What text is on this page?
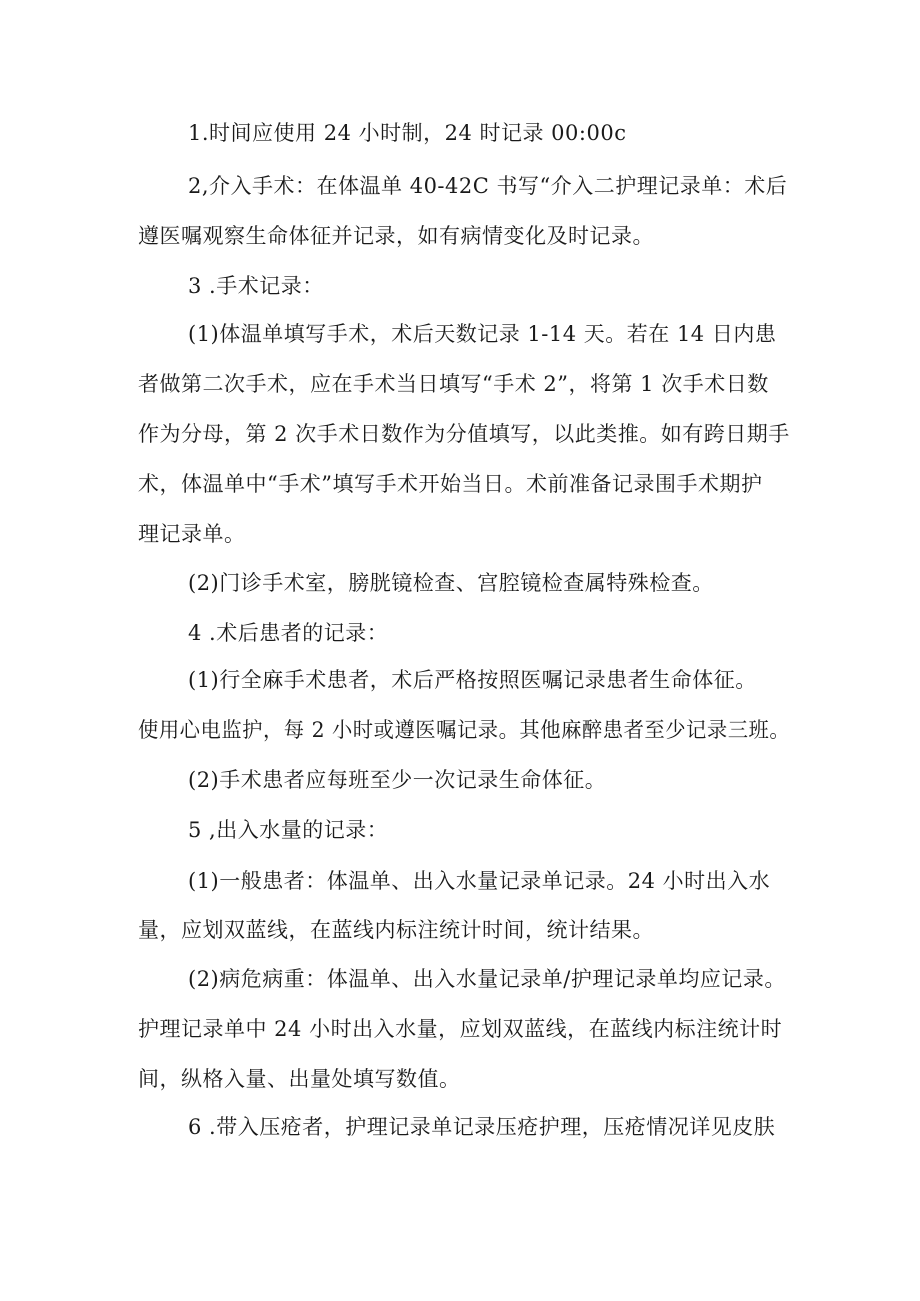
1.时间应使用 24 小时制，24 时记录 00:00c
2,介入手术：在体温单 40-42C 书写“介入二护理记录单：术后
遵医嘱观察生命体征并记录，如有病情变化及时记录。
3 .手术记录：
(1)体温单填写手术，术后天数记录 1-14 天。若在 14 日内患
者做第二次手术，应在手术当日填写“手术 2”，将第 1 次手术日数
作为分母，第 2 次手术日数作为分值填写，以此类推。如有跨日期手
术，体温单中“手术”填写手术开始当日。术前准备记录围手术期护
理记录单。
(2)门诊手术室，膀胱镜检查、宫腔镜检查属特殊检查。
4 .术后患者的记录：
(1)行全麻手术患者，术后严格按照医嘱记录患者生命体征。
使用心电监护，每 2 小时或遵医嘱记录。其他麻醉患者至少记录三班。
(2)手术患者应每班至少一次记录生命体征。
5 ,出入水量的记录：
(1)一般患者：体温单、出入水量记录单记录。24 小时出入水
量，应划双蓝线，在蓝线内标注统计时间，统计结果。
(2)病危病重：体温单、出入水量记录单/护理记录单均应记录。
护理记录单中 24 小时出入水量，应划双蓝线，在蓝线内标注统计时
间，纵格入量、出量处填写数值。
6 .带入压疮者，护理记录单记录压疮护理，压疮情况详见皮肤
